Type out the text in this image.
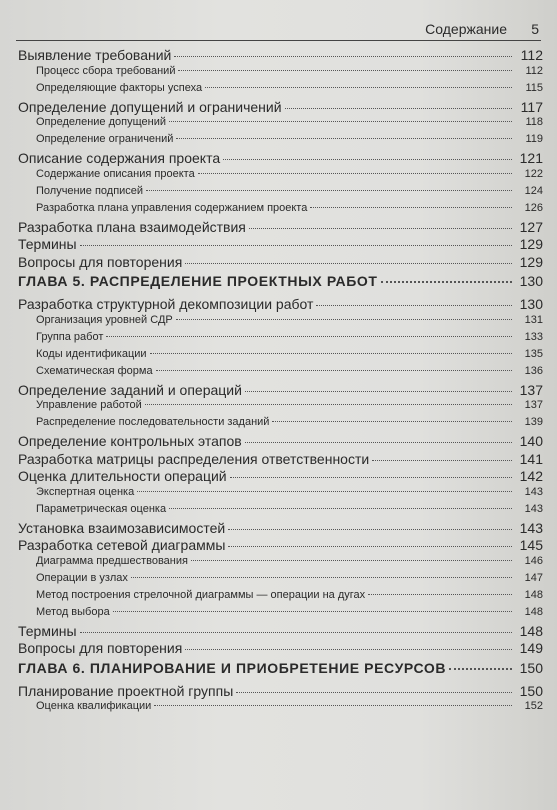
Содержание 5
Выявление требований	112
Процесс сбора требований	112
Определяющие факторы успеха	115
Определение допущений и ограничений	117
Определение допущений	118
Определение ограничений	119
Описание содержания проекта	121
Содержание описания проекта	122
Получение подписей	124
Разработка плана управления содержанием проекта	126
Разработка плана взаимодействия	127
Термины	129
Вопросы для повторения	129
ГЛАВА 5. РАСПРЕДЕЛЕНИЕ ПРОЕКТНЫХ РАБОТ	130
Разработка структурной декомпозиции работ	130
Организация уровней СДР	131
Группа работ	133
Коды идентификации	135
Схематическая форма	136
Определение заданий и операций	137
Управление работой	137
Распределение последовательности заданий	139
Определение контрольных этапов	140
Разработка матрицы распределения ответственности	141
Оценка длительности операций	142
Экспертная оценка	143
Параметрическая оценка	143
Установка взаимозависимостей	143
Разработка сетевой диаграммы	145
Диаграмма предшествования	146
Операции в узлах	147
Метод построения стрелочной диаграммы — операции на дугах	148
Метод выбора	148
Термины	148
Вопросы для повторения	149
ГЛАВА 6. ПЛАНИРОВАНИЕ И ПРИОБРЕТЕНИЕ РЕСУРСОВ	150
Планирование проектной группы	150
Оценка квалификации	152
